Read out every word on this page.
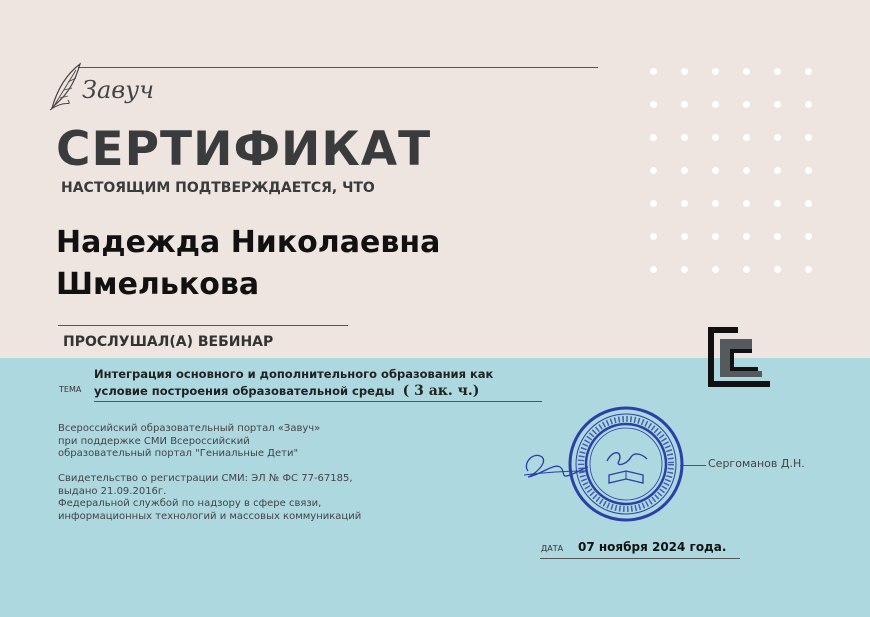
Завуч
СЕРТИФИКАТ
НАСТОЯЩИМ ПОДТВЕРЖДАЕТСЯ, ЧТО
Надежда Николаевна
Шмелькова
ПРОСЛУШАЛ(А) ВЕБИНАР
ТЕМА
Интеграция основного и дополнительного образования как условие построения образовательной среды ( 3 ак. ч.)
Всероссийский образовательный портал «Завуч»
при поддержке СМИ Всероссийский
образовательный портал "Гениальные Дети"
Свидетельство о регистрации СМИ: ЭЛ № ФС 77-67185,
выдано 21.09.2016г.
Федеральной службой по надзору в сфере связи,
информационных технологий и массовых коммуникаций
Сергоманов Д.Н.
ДАТА 07 ноября 2024 года.
